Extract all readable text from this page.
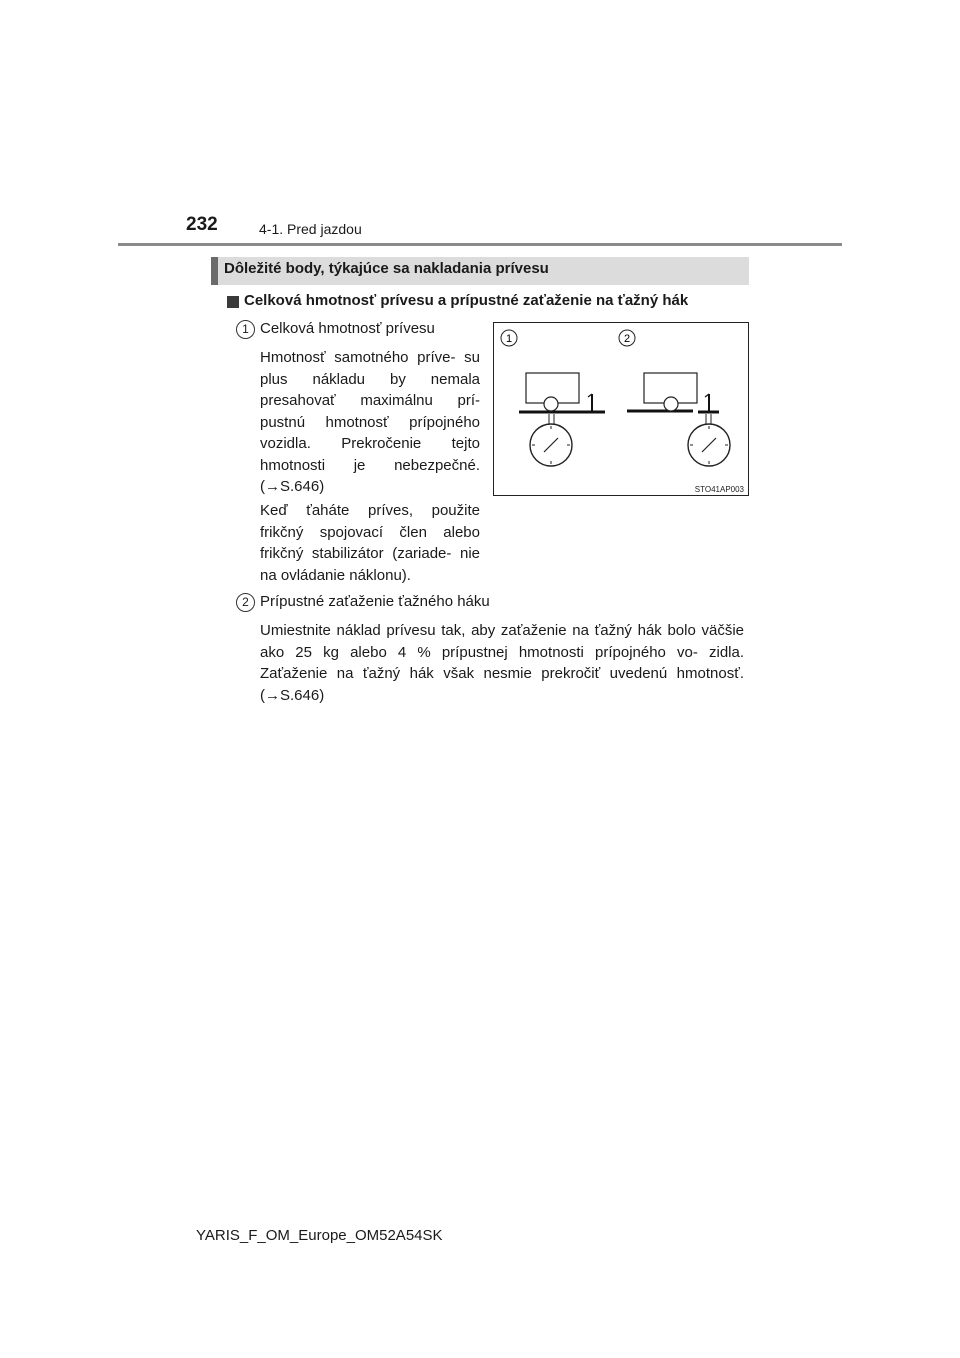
232	4-1. Pred jazdou
Dôležité body, týkajúce sa nakladania prívesu
Celková hmotnosť prívesu a prípustné zaťaženie na ťažný hák
1 Celková hmotnosť prívesu
Hmotnosť samotného príve- su plus nákladu by nemala presahovať maximálnu prí- pustnú hmotnosť prípojného vozidla. Prekročenie tejto hmotnosti je nebezpečné. (→S.646)
Keď ťaháte príves, použite frikčný spojovací člen alebo frikčný stabilizátor (zariade- nie na ovládanie náklonu).
1	2
STO41AP003
2 Prípustné zaťaženie ťažného háku
Umiestnite náklad prívesu tak, aby zaťaženie na ťažný hák bolo väčšie ako 25 kg alebo 4 % prípustnej hmotnosti prípojného vo- zidla. Zaťaženie na ťažný hák však nesmie prekročiť uvedenú hmotnosť. (→S.646)
YARIS_F_OM_Europe_OM52A54SK
